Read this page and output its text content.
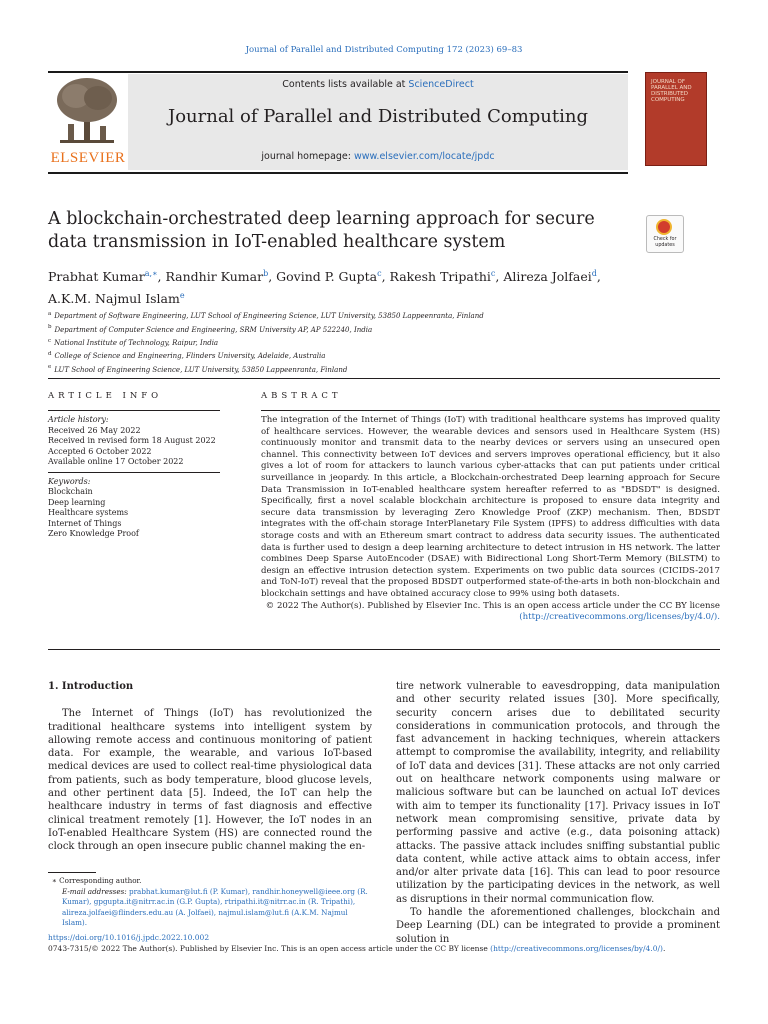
Journal of Parallel and Distributed Computing 172 (2023) 69–83
ELSEVIER
Contents lists available at ScienceDirect
Journal of Parallel and Distributed Computing
journal homepage: www.elsevier.com/locate/jpdc
JOURNAL OF PARALLEL AND DISTRIBUTED COMPUTING
A blockchain-orchestrated deep learning approach for secure data transmission in IoT-enabled healthcare system	Check for updates
Prabhat Kumar$^{a,∗}$, Randhir Kumar$^b$, Govind P. Gupta$^c$, Rakesh Tripathi$^c$, Alireza Jolfaei$^d$,
A.K.M. Najmul Islam$^e$
$^a$ Department of Software Engineering, LUT School of Engineering Science, LUT University, 53850 Lappeenranta, Finland
$^b$ Department of Computer Science and Engineering, SRM University AP, AP 522240, India
$^c$ National Institute of Technology, Raipur, India
$^d$ College of Science and Engineering, Flinders University, Adelaide, Australia
$^e$ LUT School of Engineering Science, LUT University, 53850 Lappeenranta, Finland
ARTICLE INFO
Article history:
Received 26 May 2022
Received in revised form 18 August 2022
Accepted 6 October 2022
Available online 17 October 2022
Keywords:
Blockchain
Deep learning
Healthcare systems
Internet of Things
Zero Knowledge Proof
ABSTRACT
The integration of the Internet of Things (IoT) with traditional healthcare systems has improved quality of healthcare services. However, the wearable devices and sensors used in Healthcare System (HS) continuously monitor and transmit data to the nearby devices or servers using an unsecured open channel. This connectivity between IoT devices and servers improves operational efficiency, but it also gives a lot of room for attackers to launch various cyber-attacks that can put patients under critical surveillance in jeopardy. In this article, a Blockchain-orchestrated Deep learning approach for Secure Data Transmission in IoT-enabled healthcare system hereafter referred to as "BDSDT" is designed. Specifically, first a novel scalable blockchain architecture is proposed to ensure data integrity and secure data transmission by leveraging Zero Knowledge Proof (ZKP) mechanism. Then, BDSDT integrates with the off-chain storage InterPlanetary File System (IPFS) to address difficulties with data storage costs and with an Ethereum smart contract to address data security issues. The authenticated data is further used to design a deep learning architecture to detect intrusion in HS network. The latter combines Deep Sparse AutoEncoder (DSAE) with Bidirectional Long Short-Term Memory (BiLSTM) to design an effective intrusion detection system. Experiments on two public data sources (CICIDS-2017 and ToN-IoT) reveal that the proposed BDSDT outperformed state-of-the-arts in both non-blockchain and blockchain settings and have obtained accuracy close to 99% using both datasets.
© 2022 The Author(s). Published by Elsevier Inc. This is an open access article under the CC BY license
(http://creativecommons.org/licenses/by/4.0/).
1. Introduction
The Internet of Things (IoT) has revolutionized the traditional healthcare systems into intelligent system by allowing remote access and continuous monitoring of patient data. For example, the wearable, and various IoT-based medical devices are used to collect real-time physiological data from patients, such as body temperature, blood glucose levels, and other pertinent data [5]. Indeed, the IoT can help the healthcare industry in terms of fast diagnosis and effective clinical treatment remotely [1]. However, the IoT nodes in an IoT-enabled Healthcare System (HS) are connected round the clock through an open insecure public channel making the en-
tire network vulnerable to eavesdropping, data manipulation and other security related issues [30]. More specifically, security concern arises due to debilitated security considerations in communication protocols, and through the fast advancement in hacking techniques, wherein attackers attempt to compromise the availability, integrity, and reliability of IoT data and devices [31]. These attacks are not only carried out on healthcare network components using malware or malicious software but can be launched on actual IoT devices with aim to temper its functionality [17]. Privacy issues in IoT network mean compromising sensitive, private data by performing passive and active (e.g., data poisoning attack) attacks. The passive attack includes sniffing substantial public data content, while active attack aims to obtain access, infer and/or alter private data [16]. This can lead to poor resource utilization by the participating devices in the network, as well as disruptions in their normal communication flow.
To handle the aforementioned challenges, blockchain and Deep Learning (DL) can be integrated to provide a prominent solution in
∗ Corresponding author.
E-mail addresses: prabhat.kumar@lut.fi (P. Kumar), randhir.honeywell@ieee.org (R. Kumar), gpgupta.it@nitrr.ac.in (G.P. Gupta), rtripathi.it@nitrr.ac.in (R. Tripathi), alireza.jolfaei@flinders.edu.au (A. Jolfaei), najmul.islam@lut.fi (A.K.M. Najmul Islam).
https://doi.org/10.1016/j.jpdc.2022.10.002
0743-7315/© 2022 The Author(s). Published by Elsevier Inc. This is an open access article under the CC BY license (http://creativecommons.org/licenses/by/4.0/).
